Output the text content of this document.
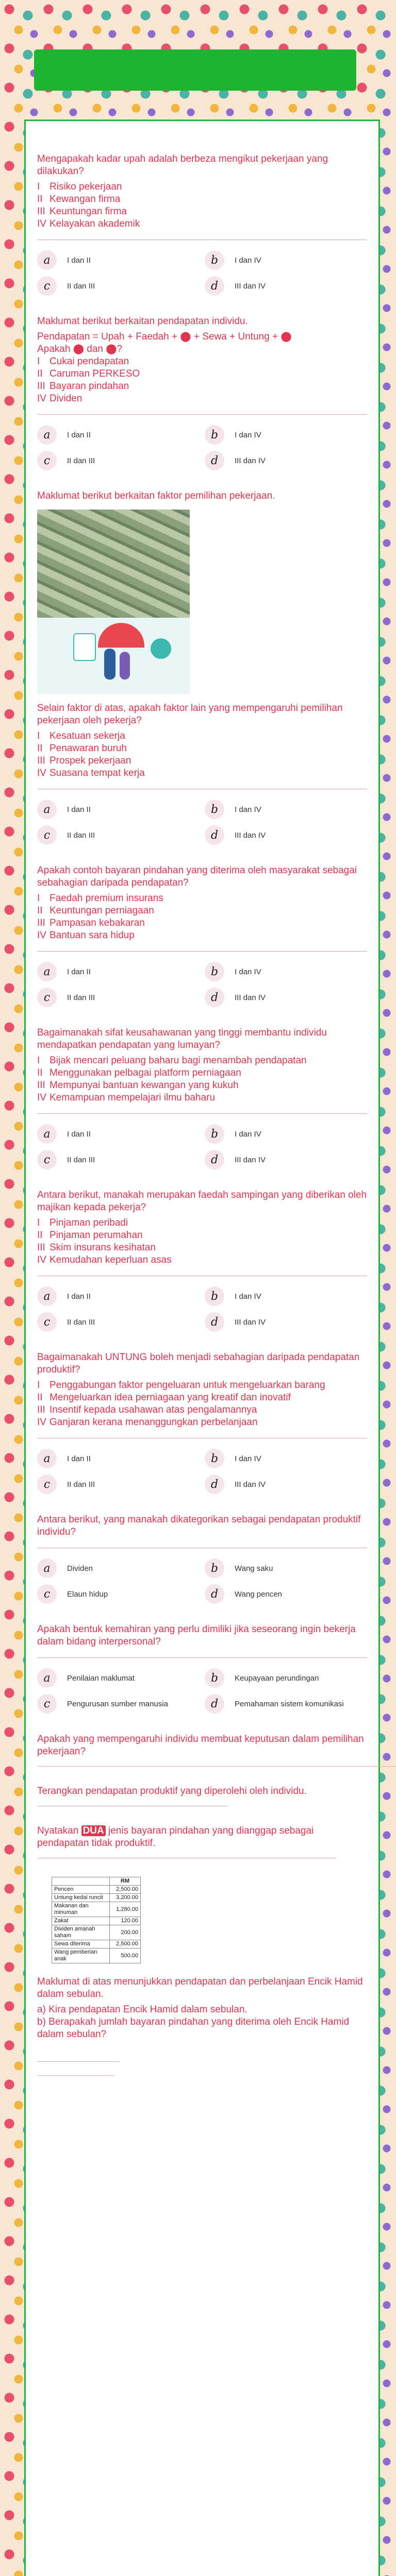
Mengapakah kadar upah adalah berbeza mengikut pekerjaan yang dilakukan?
I Risiko pekerjaan
II Kewangan firma
III Keuntungan firma
IV Kelayakan akademik
a	I dan II	b	I dan IV
c	II dan III	d	III dan IV
Maklumat berikut berkaitan pendapatan individu.
Pendapatan = Upah + Faedah + ⬤ + Sewa + Untung + ⬤
Apakah ⬤ dan ⬤?
I Cukai pendapatan
II Caruman PERKESO
III Bayaran pindahan
IV Dividen
a	I dan II	b	I dan IV
c	II dan III	d	III dan IV
Maklumat berikut berkaitan faktor pemilihan pekerjaan.
Selain faktor di atas, apakah faktor lain yang mempengaruhi pemilihan pekerjaan oleh pekerja?
I Kesatuan sekerja
II Penawaran buruh
III Prospek pekerjaan
IV Suasana tempat kerja
a	I dan II	b	I dan IV
c	II dan III	d	III dan IV
Apakah contoh bayaran pindahan yang diterima oleh masyarakat sebagai sebahagian daripada pendapatan?
I Faedah premium insurans
II Keuntungan perniagaan
III Pampasan kebakaran
IV Bantuan sara hidup
a	I dan II	b	I dan IV
c	II dan III	d	III dan IV
Bagaimanakah sifat keusahawanan yang tinggi membantu individu mendapatkan pendapatan yang lumayan?
I Bijak mencari peluang baharu bagi menambah pendapatan
II Menggunakan pelbagai platform perniagaan
III Mempunyai bantuan kewangan yang kukuh
IV Kemampuan mempelajari ilmu baharu
a	I dan II	b	I dan IV
c	II dan III	d	III dan IV
Antara berikut, manakah merupakan faedah sampingan yang diberikan oleh majikan kepada pekerja?
I Pinjaman peribadi
II Pinjaman perumahan
III Skim insurans kesihatan
IV Kemudahan keperluan asas
a	I dan II	b	I dan IV
c	II dan III	d	III dan IV
Bagaimanakah UNTUNG boleh menjadi sebahagian daripada pendapatan produktif?
I Penggabungan faktor pengeluaran untuk mengeluarkan barang
II Mengeluarkan idea perniagaan yang kreatif dan inovatif
III Insentif kepada usahawan atas pengalamannya
IV Ganjaran kerana menanggungkan perbelanjaan
a	I dan II	b	I dan IV
c	II dan III	d	III dan IV
Antara berikut, yang manakah dikategorikan sebagai pendapatan produktif individu?
a	Dividen	b	Wang saku
c	Elaun hidup	d	Wang pencen
Apakah bentuk kemahiran yang perlu dimiliki jika seseorang ingin bekerja dalam bidang interpersonal?
a	Penilaian maklumat	b	Keupayaan perundingan
c	Pengurusan sumber manusia	d	Pemahaman sistem komunikasi
Apakah yang mempengaruhi individu membuat keputusan dalam pemilihan pekerjaan?
Terangkan pendapatan produktif yang diperolehi oleh individu.
Nyatakan DUA jenis bayaran pindahan yang dianggap sebagai pendapatan tidak produktif.
	RM
Pencen	2,500.00
Untung kedai runcit	3,200.00
Makanan dan minuman	1,280.00
Zakat	120.00
Dividen amanah saham	200.00
Sewa diterima	2,500.00
Wang pemberian anak	500.00
Maklumat di atas menunjukkan pendapatan dan perbelanjaan Encik Hamid dalam sebulan.
a) Kira pendapatan Encik Hamid dalam sebulan.
b) Berapakah jumlah bayaran pindahan yang diterima oleh Encik Hamid dalam sebulan?
